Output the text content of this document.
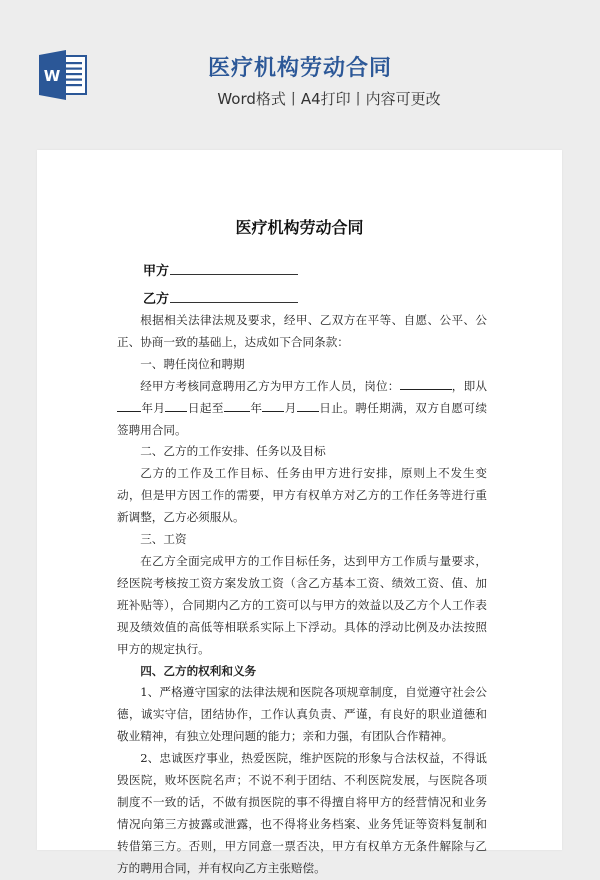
W	医疗机构劳动合同
Word格式丨A4打印丨内容可更改
医疗机构劳动合同
甲方
乙方

根据相关法律法规及要求，经甲、乙双方在平等、自愿、公平、公正、协商一致的基础上，达成如下合同条款：

一、聘任岗位和聘期

经甲方考核同意聘用乙方为甲方工作人员，岗位：	，即从年月 日起至 年 月 日止。聘任期满，双方自愿可续签聘用合同。

二、乙方的工作安排、任务以及目标

乙方的工作及工作目标、任务由甲方进行安排，原则上不发生变动，但是甲方因工作的需要，甲方有权单方对乙方的工作任务等进行重新调整，乙方必须服从。

三、工资

在乙方全面完成甲方的工作目标任务，达到甲方工作质与量要求，经医院考核按工资方案发放工资（含乙方基本工资、绩效工资、值、加班补贴等），合同期内乙方的工资可以与甲方的效益以及乙方个人工作表现及绩效值的高低等相联系实际上下浮动。具体的浮动比例及办法按照甲方的规定执行。

四、乙方的权利和义务

1、严格遵守国家的法律法规和医院各项规章制度，自觉遵守社会公德，诚实守信，团结协作，工作认真负责、严谨，有良好的职业道德和敬业精神，有独立处理问题的能力；亲和力强，有团队合作精神。

2、忠诚医疗事业，热爱医院，维护医院的形象与合法权益，不得诋毁医院，败坏医院名声；不说不利于团结、不利医院发展，与医院各项制度不一致的话，不做有损医院的事不得擅自将甲方的经营情况和业务情况向第三方披露或泄露，也不得将业务档案、业务凭证等资料复制和转借第三方。否则，甲方同意一票否决，甲方有权单方无条件解除与乙方的聘用合同，并有权向乙方主张赔偿。
